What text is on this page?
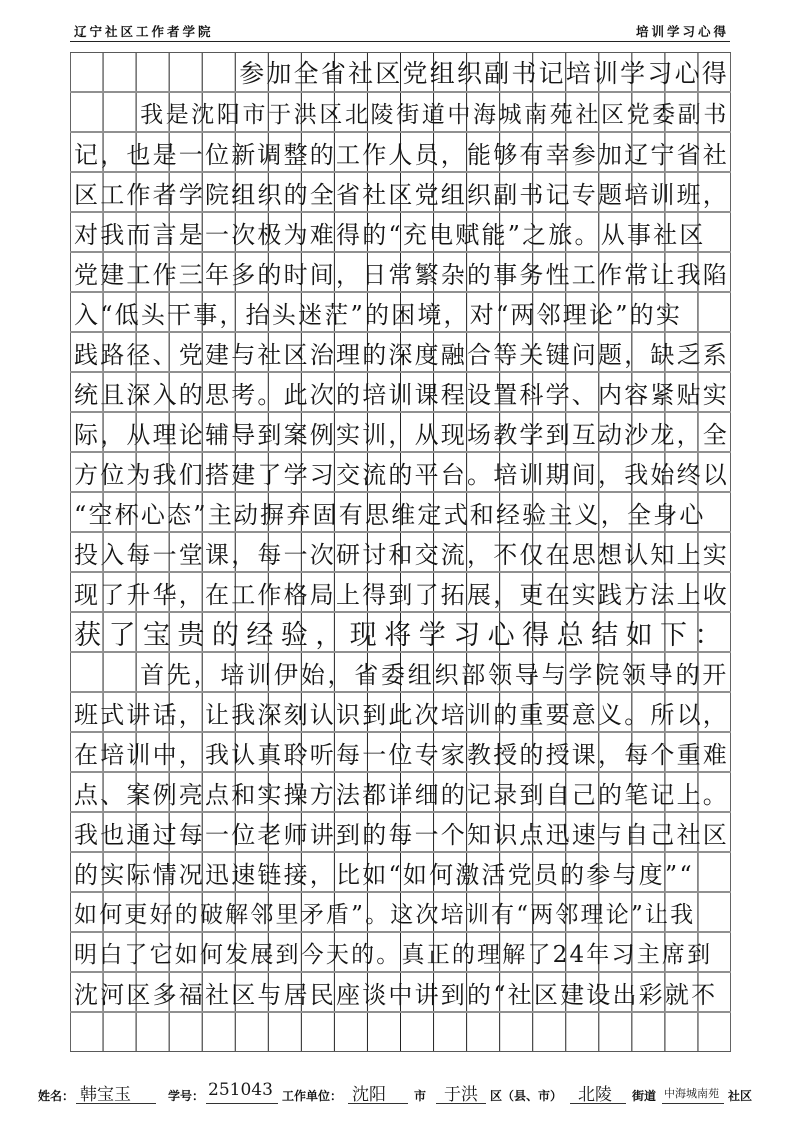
辽宁社区工作者学院	培训学习心得
参加全省社区党组织副书记培训学习心得
我是沈阳市于洪区北陵街道中海城南苑社区党委副书
记，也是一位新调整的工作人员，能够有幸参加辽宁省社
区工作者学院组织的全省社区党组织副书记专题培训班，
对我而言是一次极为难得的“充电赋能”之旅。从事社区
党建工作三年多的时间，日常繁杂的事务性工作常让我陷
入“低头干事，抬头迷茫”的困境，对“两邻理论”的实
践路径、党建与社区治理的深度融合等关键问题，缺乏系
统且深入的思考。此次的培训课程设置科学、内容紧贴实
际，从理论辅导到案例实训，从现场教学到互动沙龙，全
方位为我们搭建了学习交流的平台。培训期间，我始终以
“空杯心态”主动摒弃固有思维定式和经验主义，全身心
投入每一堂课，每一次研讨和交流，不仅在思想认知上实
现了升华，在工作格局上得到了拓展，更在实践方法上收
获了宝贵的经验，现将学习心得总结如下：
首先，培训伊始，省委组织部领导与学院领导的开
班式讲话，让我深刻认识到此次培训的重要意义。所以，
在培训中，我认真聆听每一位专家教授的授课，每个重难
点、案例亮点和实操方法都详细的记录到自己的笔记上。
我也通过每一位老师讲到的每一个知识点迅速与自己社区
的实际情况迅速链接，比如“如何激活党员的参与度”“
如何更好的破解邻里矛盾”。这次培训有“两邻理论”让我
明白了它如何发展到今天的。真正的理解了24年习主席到
沈河区多福社区与居民座谈中讲到的“社区建设出彩就不
姓名： 韩宝玉	学号： 251043 工作单位： 沈阳 市 于洪 区（县、市） 北陵 街道 中海城南苑 社区
